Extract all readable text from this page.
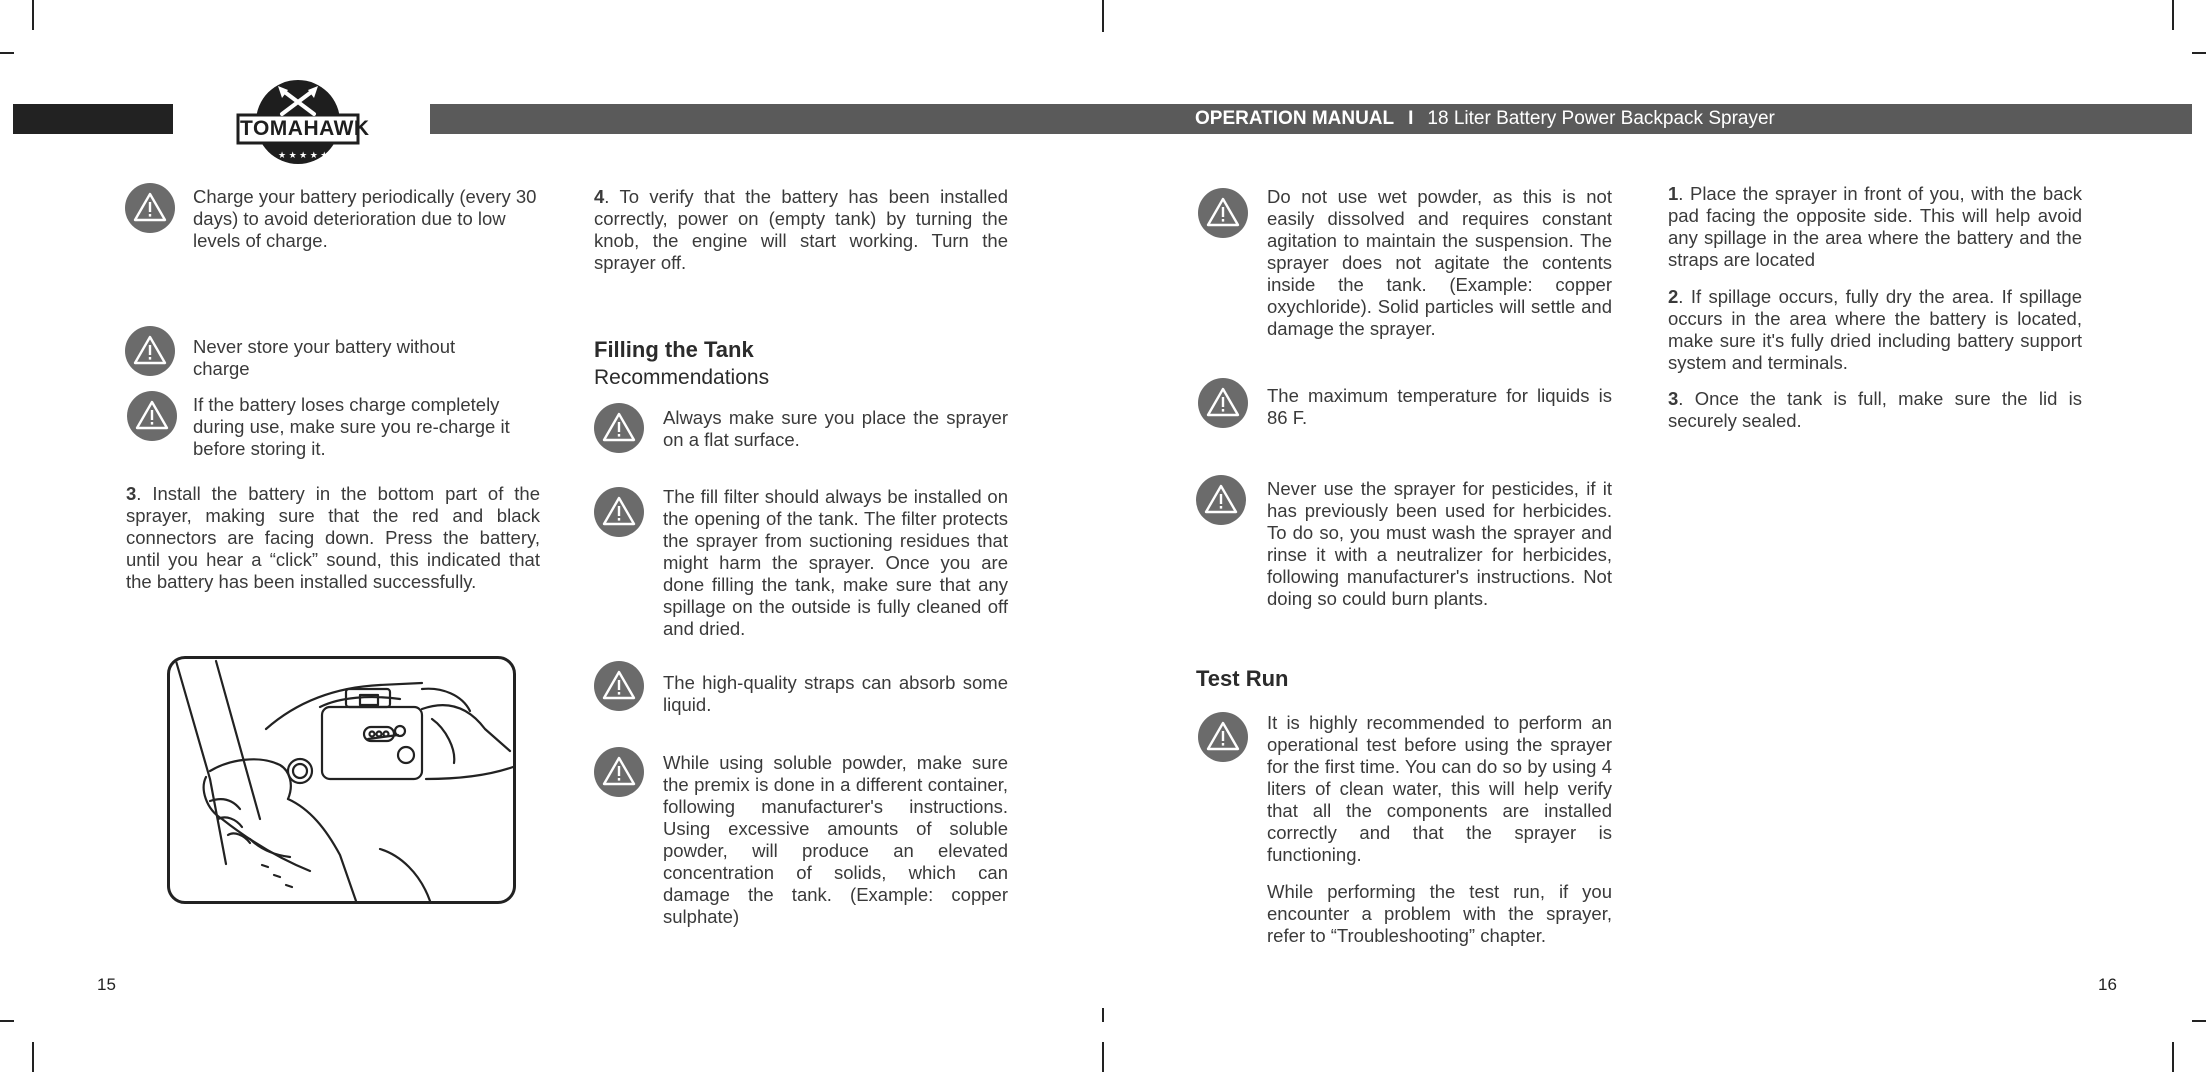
OPERATION MANUAL I 18 Liter Battery Power Backpack Sprayer
★ ★ ★ ★ ★
TOMAHAWK

Charge your battery periodically (every 30 days) to avoid deterioration due to low levels of charge.

Never store your battery without charge

If the battery loses charge completely during use, make sure you re-charge it before storing it.

3. Install the battery in the bottom part of the sprayer, making sure that the red and black connectors are facing down. Press the battery, until you hear a “click” sound, this indicated that the battery has been installed successfully.

15

4. To verify that the battery has been installed correctly, power on (empty tank) by turning the knob, the engine will start working. Turn the sprayer off.

Filling the Tank
Recommendations

Always make sure you place the sprayer on a flat surface.

The fill filter should always be installed on the opening of the tank. The filter protects the sprayer from suctioning residues that might harm the sprayer. Once you are done filling the tank, make sure that any spillage on the outside is fully cleaned off and dried.

The high-quality straps can absorb some liquid.

While using soluble powder, make sure the premix is done in a different container, following manufacturer's instructions. Using excessive amounts of soluble powder, will produce an elevated concentration of solids, which can damage the tank. (Example: copper sulphate)

Do not use wet powder, as this is not easily dissolved and requires constant agitation to maintain the suspension. The sprayer does not agitate the contents inside the tank. (Example: copper oxychloride). Solid particles will settle and damage the sprayer.

The maximum temperature for liquids is 86 F.

Never use the sprayer for pesticides, if it has previously been used for herbicides. To do so, you must wash the sprayer and rinse it with a neutralizer for herbicides, following manufacturer's instructions. Not doing so could burn plants.

Test Run

It is highly recommended to perform an operational test before using the sprayer for the first time. You can do so by using 4 liters of clean water, this will help verify that all the components are installed correctly and that the sprayer is functioning.

While performing the test run, if you encounter a problem with the sprayer, refer to “Troubleshooting” chapter.

1. Place the sprayer in front of you, with the back pad facing the opposite side. This will help avoid any spillage in the area where the battery and the straps are located

2. If spillage occurs, fully dry the area. If spillage occurs in the area where the battery is located, make sure it's fully dried including battery support system and terminals.

3. Once the tank is full, make sure the lid is securely sealed.

16
